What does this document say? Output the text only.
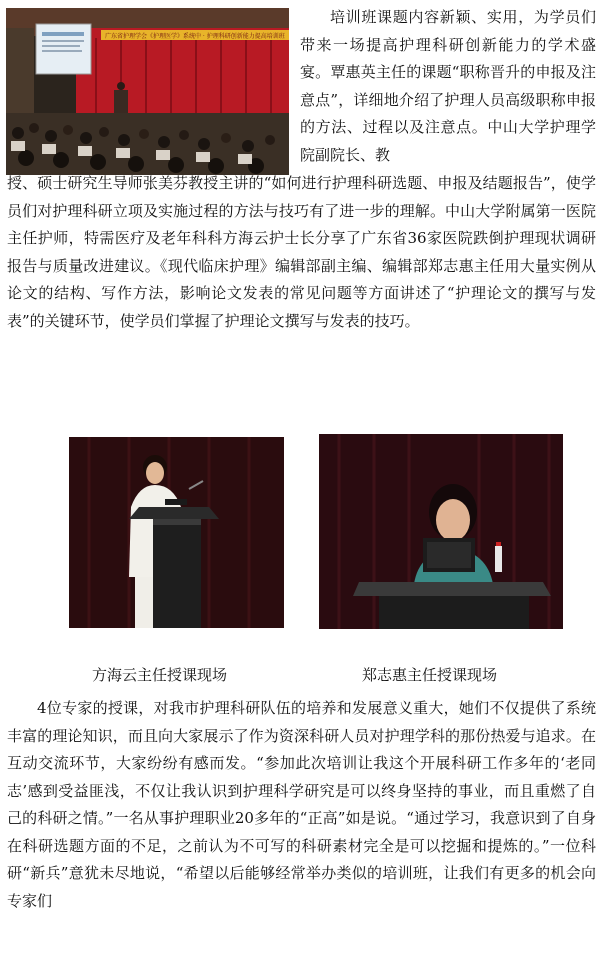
广东省护理学会《护理医学》系统中 · 护理科研创新能力提高培训班
培训班课题内容新颖、实用，为学员们带来一场提高护理科研创新能力的学术盛宴。覃惠英主任的课题“职称晋升的申报及注意点”，详细地介绍了护理人员高级职称申报的方法、过程以及注意点。中山大学护理学院副院长、教
授、硕士研究生导师张美芬教授主讲的“如何进行护理科研选题、申报及结题报告”，使学员们对护理科研立项及实施过程的方法与技巧有了进一步的理解。中山大学附属第一医院主任护师，特需医疗及老年科科方海云护士长分享了广东省36家医院跌倒护理现状调研报告与质量改进建议。《现代临床护理》编辑部副主编、编辑部郑志惠主任用大量实例从论文的结构、写作方法，影响论文发表的常见问题等方面讲述了“护理论文的撰写与发表”的关键环节，使学员们掌握了护理论文撰写与发表的技巧。
方海云主任授课现场	郑志惠主任授课现场
4位专家的授课，对我市护理科研队伍的培养和发展意义重大，她们不仅提供了系统丰富的理论知识，而且向大家展示了作为资深科研人员对护理学科的那份热爱与追求。在互动交流环节，大家纷纷有感而发。“参加此次培训让我这个开展科研工作多年的‘老同志’感到受益匪浅，不仅让我认识到护理科学研究是可以终身坚持的事业，而且重燃了自己的科研之情。”一名从事护理职业20多年的“正高”如是说。“通过学习，我意识到了自身在科研选题方面的不足，之前认为不可写的科研素材完全是可以挖掘和提炼的。”一位科研“新兵”意犹未尽地说，“希望以后能够经常举办类似的培训班，让我们有更多的机会向专家们
